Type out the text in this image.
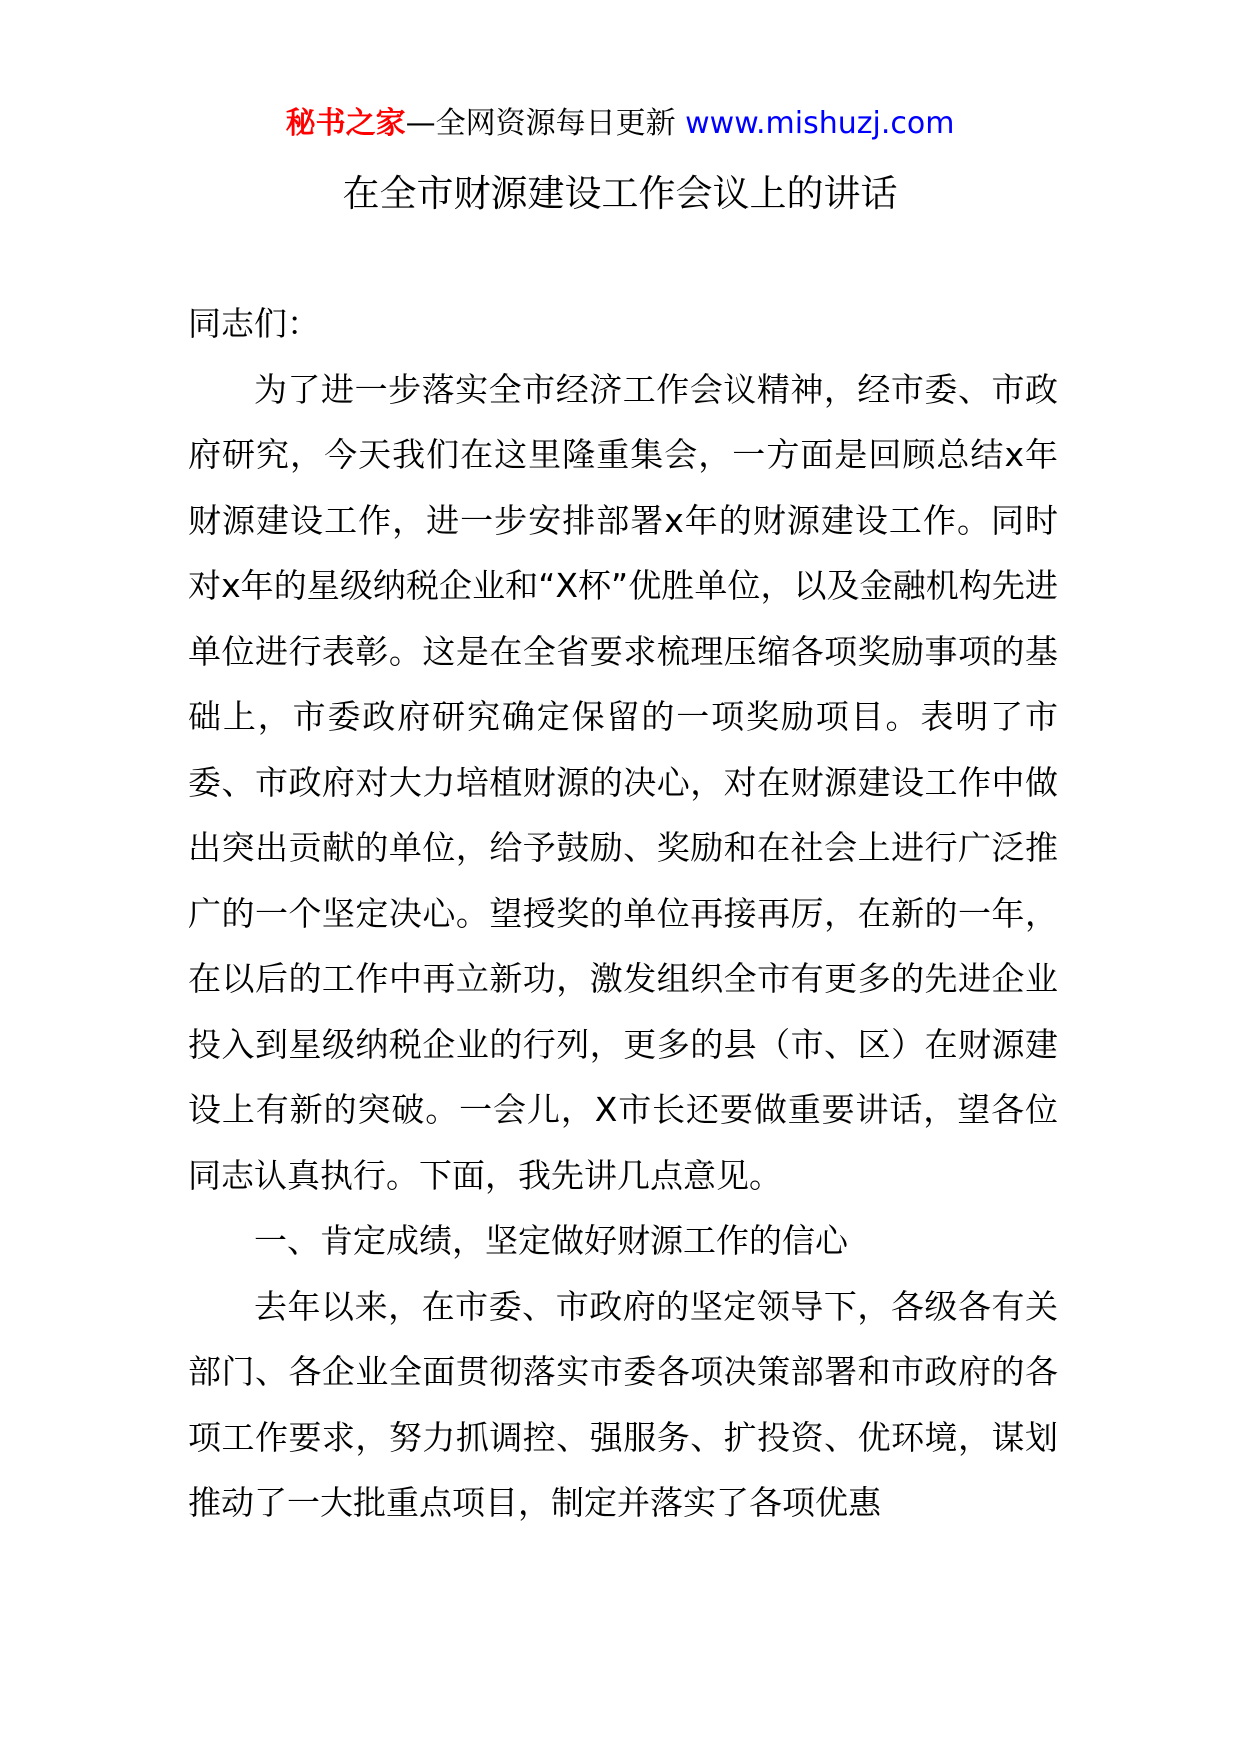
秘书之家—全网资源每日更新 www.mishuzj.com
在全市财源建设工作会议上的讲话

同志们：

为了进一步落实全市经济工作会议精神，经市委、市政府研究，今天我们在这里隆重集会，一方面是回顾总结x年财源建设工作，进一步安排部署x年的财源建设工作。同时对x年的星级纳税企业和“X杯”优胜单位，以及金融机构先进单位进行表彰。这是在全省要求梳理压缩各项奖励事项的基础上，市委政府研究确定保留的一项奖励项目。表明了市委、市政府对大力培植财源的决心，对在财源建设工作中做出突出贡献的单位，给予鼓励、奖励和在社会上进行广泛推广的一个坚定决心。望授奖的单位再接再厉，在新的一年，在以后的工作中再立新功，激发组织全市有更多的先进企业投入到星级纳税企业的行列，更多的县（市、区）在财源建设上有新的突破。一会儿，X市长还要做重要讲话，望各位同志认真执行。下面，我先讲几点意见。

一、肯定成绩，坚定做好财源工作的信心

去年以来，在市委、市政府的坚定领导下，各级各有关部门、各企业全面贯彻落实市委各项决策部署和市政府的各项工作要求，努力抓调控、强服务、扩投资、优环境，谋划推动了一大批重点项目，制定并落实了各项优惠
